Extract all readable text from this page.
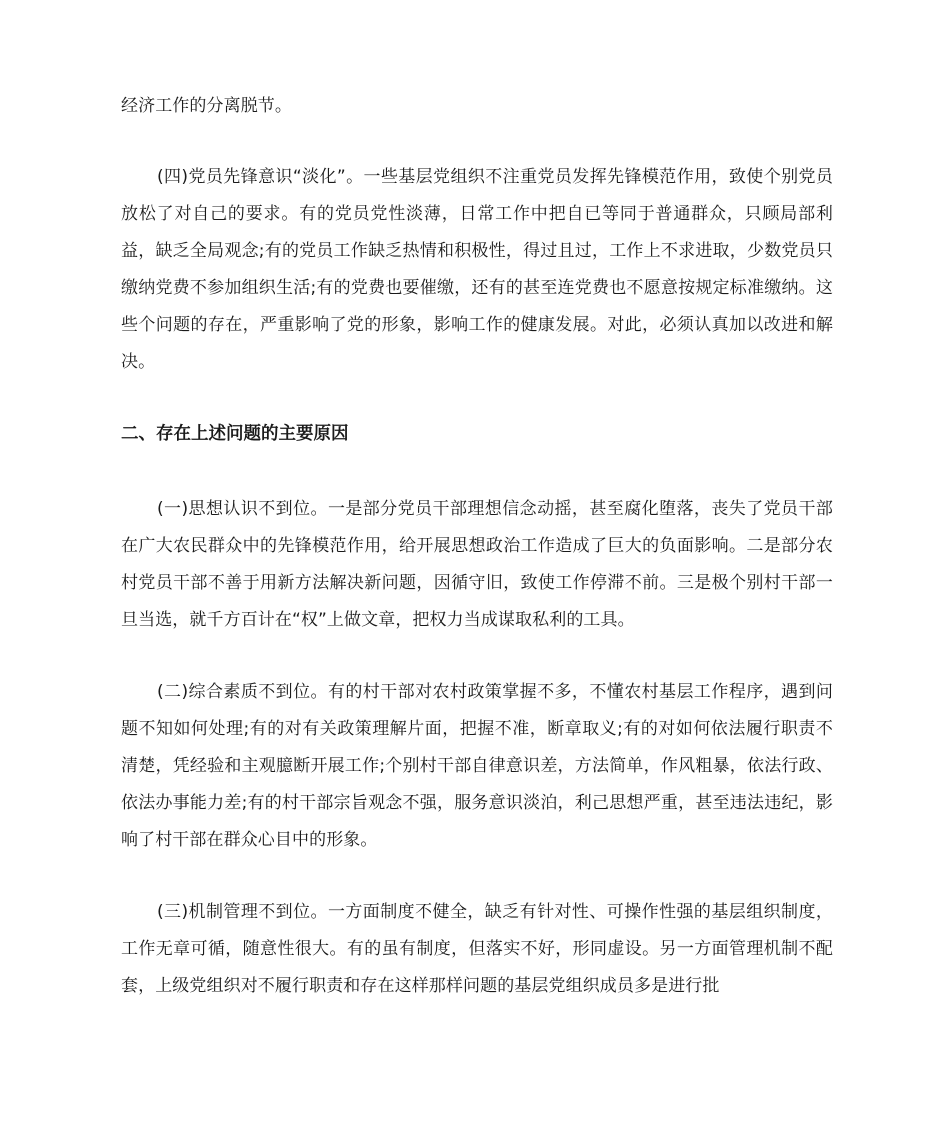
经济工作的分离脱节。

(四)党员先锋意识“淡化”。一些基层党组织不注重党员发挥先锋模范作用，致使个别党员放松了对自己的要求。有的党员党性淡薄，日常工作中把自已等同于普通群众，只顾局部利益，缺乏全局观念;有的党员工作缺乏热情和积极性，得过且过，工作上不求进取，少数党员只缴纳党费不参加组织生活;有的党费也要催缴，还有的甚至连党费也不愿意按规定标准缴纳。这些个问题的存在，严重影响了党的形象，影响工作的健康发展。对此，必须认真加以改进和解决。

二、存在上述问题的主要原因

(一)思想认识不到位。一是部分党员干部理想信念动摇，甚至腐化堕落，丧失了党员干部在广大农民群众中的先锋模范作用，给开展思想政治工作造成了巨大的负面影响。二是部分农村党员干部不善于用新方法解决新问题，因循守旧，致使工作停滞不前。三是极个别村干部一旦当选，就千方百计在“权”上做文章，把权力当成谋取私利的工具。

(二)综合素质不到位。有的村干部对农村政策掌握不多，不懂农村基层工作程序，遇到问题不知如何处理;有的对有关政策理解片面，把握不准，断章取义;有的对如何依法履行职责不清楚，凭经验和主观臆断开展工作;个别村干部自律意识差，方法简单，作风粗暴，依法行政、依法办事能力差;有的村干部宗旨观念不强，服务意识淡泊，利己思想严重，甚至违法违纪，影响了村干部在群众心目中的形象。

(三)机制管理不到位。一方面制度不健全，缺乏有针对性、可操作性强的基层组织制度，工作无章可循，随意性很大。有的虽有制度，但落实不好，形同虚设。另一方面管理机制不配套，上级党组织对不履行职责和存在这样那样问题的基层党组织成员多是进行批
